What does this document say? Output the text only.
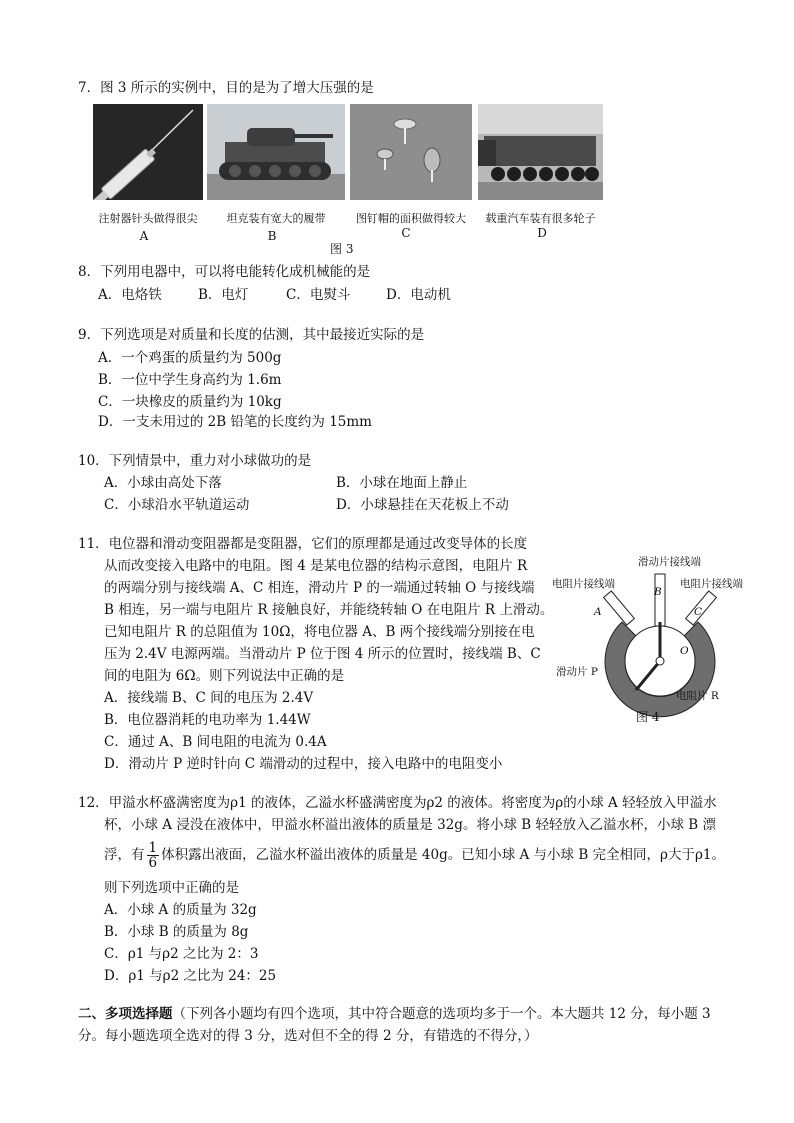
7．图 3 所示的实例中，目的是为了增大压强的是
注射器针头做得很尖	坦克装有宽大的履带	图钉帽的面积做得较大	载重汽车装有很多轮子
A	B	C	D
图 3
8．下列用电器中，可以将电能转化成机械能的是
A．电烙铁	B．电灯	C．电熨斗	D．电动机
9．下列选项是对质量和长度的估测，其中最接近实际的是
A．一个鸡蛋的质量约为 500g
B．一位中学生身高约为 1.6m
C．一块橡皮的质量约为 10kg
D．一支未用过的 2B 铅笔的长度约为 15mm
10．下列情景中，重力对小球做功的是
A．小球由高处下落	B．小球在地面上静止
C．小球沿水平轨道运动	D．小球悬挂在天花板上不动
11．电位器和滑动变阻器都是变阻器，它们的原理都是通过改变导体的长度
从而改变接入电路中的电阻。图 4 是某电位器的结构示意图，电阻片 R
的两端分别与接线端 A、C 相连，滑动片 P 的一端通过转轴 O 与接线端
B 相连，另一端与电阻片 R 接触良好，并能绕转轴 O 在电阻片 R 上滑动。
已知电阻片 R 的总阻值为 10Ω，将电位器 A、B 两个接线端分别接在电
压为 2.4V 电源两端。当滑动片 P 位于图 4 所示的位置时，接线端 B、C
间的电阻为 6Ω。则下列说法中正确的是
A．接线端 B、C 间的电压为 2.4V
B．电位器消耗的电功率为 1.44W
C．通过 A、B 间电阻的电流为 0.4A
D．滑动片 P 逆时针向 C 端滑动的过程中，接入电路中的电阻变小
滑动片接线端
电阻片接线端	电阻片接线端
B
A	C
O
滑动片 P
电阻片 R
图 4
12．甲溢水杯盛满密度为ρ1 的液体，乙溢水杯盛满密度为ρ2 的液体。将密度为ρ的小球 A 轻轻放入甲溢水
杯，小球 A 浸没在液体中，甲溢水杯溢出液体的质量是 32g。将小球 B 轻轻放入乙溢水杯，小球 B 漂
浮，有 $\frac{1}{6}$ 体积露出液面，乙溢水杯溢出液体的质量是 40g。已知小球 A 与小球 B 完全相同，ρ大于ρ1。
则下列选项中正确的是
A．小球 A 的质量为 32g
B．小球 B 的质量为 8g
C．ρ1 与ρ2 之比为 2：3
D．ρ1 与ρ2 之比为 24：25
二、多项选择题（下列各小题均有四个选项，其中符合题意的选项均多于一个。本大题共 12 分，每小题 3
分。每小题选项全选对的得 3 分，选对但不全的得 2 分，有错选的不得分，）
